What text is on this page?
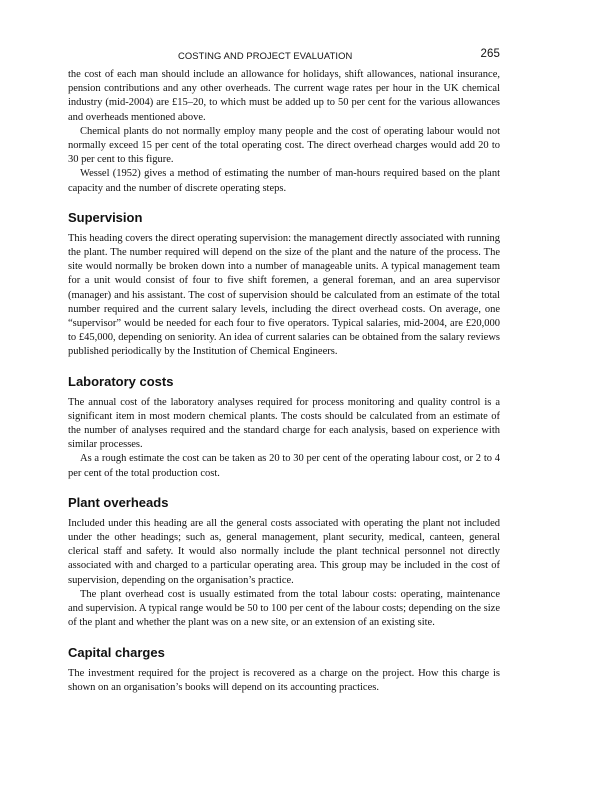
COSTING AND PROJECT EVALUATION	265

the cost of each man should include an allowance for holidays, shift allowances, national insurance, pension contributions and any other overheads. The current wage rates per hour in the UK chemical industry (mid-2004) are £15–20, to which must be added up to 50 per cent for the various allowances and overheads mentioned above.

Chemical plants do not normally employ many people and the cost of operating labour would not normally exceed 15 per cent of the total operating cost. The direct overhead charges would add 20 to 30 per cent to this figure.

Wessel (1952) gives a method of estimating the number of man-hours required based on the plant capacity and the number of discrete operating steps.

Supervision

This heading covers the direct operating supervision: the management directly associated with running the plant. The number required will depend on the size of the plant and the nature of the process. The site would normally be broken down into a number of manageable units. A typical management team for a unit would consist of four to five shift foremen, a general foreman, and an area supervisor (manager) and his assistant. The cost of supervision should be calculated from an estimate of the total number required and the current salary levels, including the direct overhead costs. On average, one “supervisor” would be needed for each four to five operators. Typical salaries, mid-2004, are £20,000 to £45,000, depending on seniority. An idea of current salaries can be obtained from the salary reviews published periodically by the Institution of Chemical Engineers.

Laboratory costs

The annual cost of the laboratory analyses required for process monitoring and quality control is a significant item in most modern chemical plants. The costs should be calculated from an estimate of the number of analyses required and the standard charge for each analysis, based on experience with similar processes.

As a rough estimate the cost can be taken as 20 to 30 per cent of the operating labour cost, or 2 to 4 per cent of the total production cost.

Plant overheads

Included under this heading are all the general costs associated with operating the plant not included under the other headings; such as, general management, plant security, medical, canteen, general clerical staff and safety. It would also normally include the plant technical personnel not directly associated with and charged to a particular operating area. This group may be included in the cost of supervision, depending on the organisation’s practice.

The plant overhead cost is usually estimated from the total labour costs: operating, maintenance and supervision. A typical range would be 50 to 100 per cent of the labour costs; depending on the size of the plant and whether the plant was on a new site, or an extension of an existing site.

Capital charges

The investment required for the project is recovered as a charge on the project. How this charge is shown on an organisation’s books will depend on its accounting practices.
